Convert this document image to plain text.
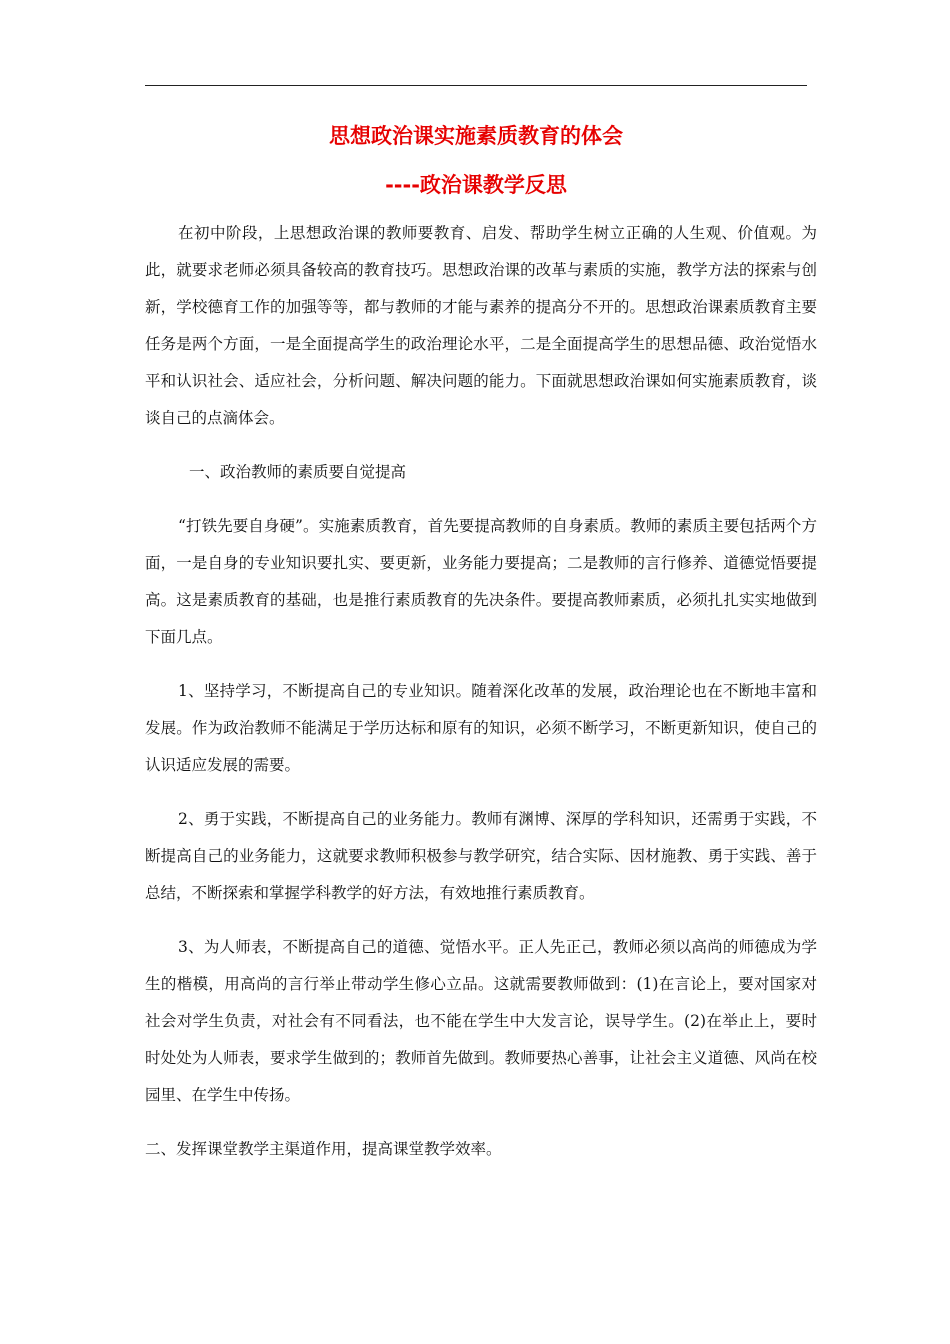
思想政治课实施素质教育的体会
----政治课教学反思

在初中阶段，上思想政治课的教师要教育、启发、帮助学生树立正确的人生观、价值观。为此，就要求老师必须具备较高的教育技巧。思想政治课的改革与素质的实施，教学方法的探索与创新，学校德育工作的加强等等，都与教师的才能与素养的提高分不开的。思想政治课素质教育主要任务是两个方面，一是全面提高学生的政治理论水平，二是全面提高学生的思想品德、政治觉悟水平和认识社会、适应社会，分析问题、解决问题的能力。下面就思想政治课如何实施素质教育，谈谈自己的点滴体会。

一、政治教师的素质要自觉提高

“打铁先要自身硬”。实施素质教育，首先要提高教师的自身素质。教师的素质主要包括两个方面，一是自身的专业知识要扎实、要更新，业务能力要提高；二是教师的言行修养、道德觉悟要提高。这是素质教育的基础，也是推行素质教育的先决条件。要提高教师素质，必须扎扎实实地做到下面几点。

1、坚持学习，不断提高自己的专业知识。随着深化改革的发展，政治理论也在不断地丰富和发展。作为政治教师不能满足于学历达标和原有的知识，必须不断学习，不断更新知识，使自己的认识适应发展的需要。

2、勇于实践，不断提高自己的业务能力。教师有渊博、深厚的学科知识，还需勇于实践，不断提高自己的业务能力，这就要求教师积极参与教学研究，结合实际、因材施教、勇于实践、善于总结，不断探索和掌握学科教学的好方法，有效地推行素质教育。

3、为人师表，不断提高自己的道德、觉悟水平。正人先正己，教师必须以高尚的师德成为学生的楷模，用高尚的言行举止带动学生修心立品。这就需要教师做到：(1)在言论上，要对国家对社会对学生负责，对社会有不同看法，也不能在学生中大发言论，误导学生。(2)在举止上，要时时处处为人师表，要求学生做到的；教师首先做到。教师要热心善事，让社会主义道德、风尚在校园里、在学生中传扬。

二、发挥课堂教学主渠道作用，提高课堂教学效率。
